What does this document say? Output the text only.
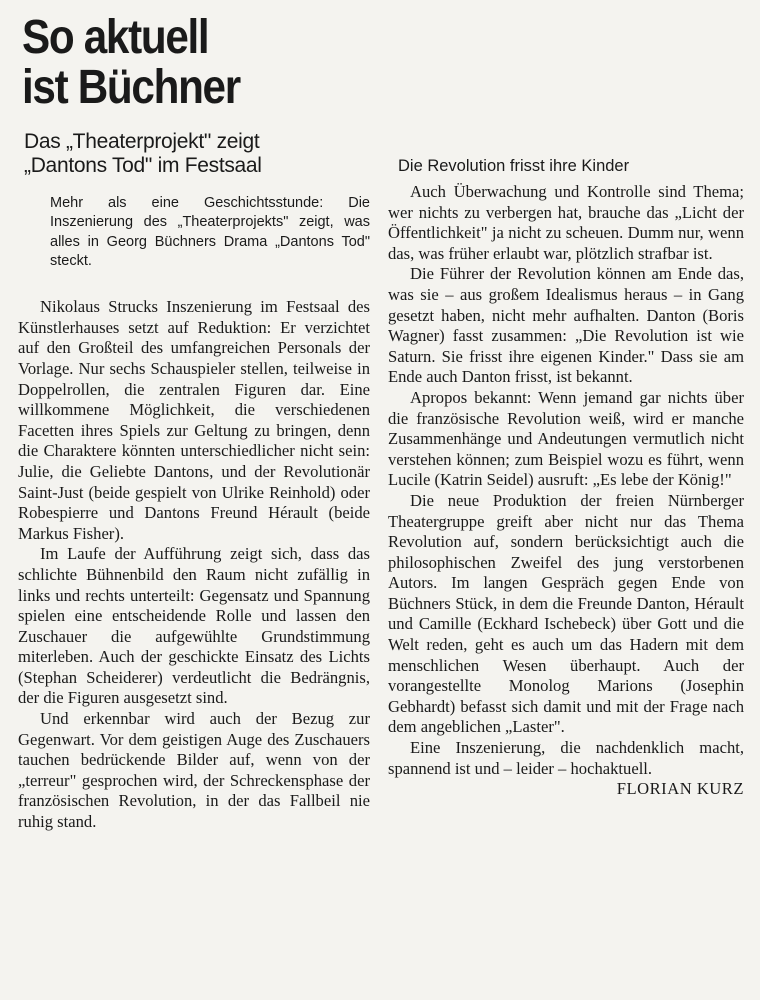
So aktuell
ist Büchner
Das „Theaterprojekt" zeigt
„Dantons Tod" im Festsaal
Mehr als eine Geschichtsstunde: Die Inszenierung des „Theaterprojekts" zeigt, was alles in Georg Büchners Drama „Dantons Tod" steckt.

Nikolaus Strucks Inszenierung im Festsaal des Künstlerhauses setzt auf Reduktion: Er verzichtet auf den Großteil des umfangreichen Personals der Vorlage. Nur sechs Schauspieler stellen, teilweise in Doppelrollen, die zentralen Figuren dar. Eine willkommene Möglichkeit, die verschiedenen Facetten ihres Spiels zur Geltung zu bringen, denn die Charaktere könnten unterschiedlicher nicht sein: Julie, die Geliebte Dantons, und der Revolutionär Saint-Just (beide gespielt von Ulrike Reinhold) oder Robespierre und Dantons Freund Hérault (beide Markus Fisher).

Im Laufe der Aufführung zeigt sich, dass das schlichte Bühnenbild den Raum nicht zufällig in links und rechts unterteilt: Gegensatz und Spannung spielen eine entscheidende Rolle und lassen den Zuschauer die aufgewühlte Grundstimmung miterleben. Auch der geschickte Einsatz des Lichts (Stephan Scheiderer) verdeutlicht die Bedrängnis, der die Figuren ausgesetzt sind.

Und erkennbar wird auch der Bezug zur Gegenwart. Vor dem geistigen Auge des Zuschauers tauchen bedrückende Bilder auf, wenn von der „terreur" gesprochen wird, der Schreckensphase der französischen Revolution, in der das Fallbeil nie ruhig stand.

Die Revolution frisst ihre Kinder

Auch Überwachung und Kontrolle sind Thema; wer nichts zu verbergen hat, brauche das „Licht der Öffentlichkeit" ja nicht zu scheuen. Dumm nur, wenn das, was früher erlaubt war, plötzlich strafbar ist.

Die Führer der Revolution können am Ende das, was sie – aus großem Idealismus heraus – in Gang gesetzt haben, nicht mehr aufhalten. Danton (Boris Wagner) fasst zusammen: „Die Revolution ist wie Saturn. Sie frisst ihre eigenen Kinder." Dass sie am Ende auch Danton frisst, ist bekannt.

Apropos bekannt: Wenn jemand gar nichts über die französische Revolution weiß, wird er manche Zusammenhänge und Andeutungen vermutlich nicht verstehen können; zum Beispiel wozu es führt, wenn Lucile (Katrin Seidel) ausruft: „Es lebe der König!"

Die neue Produktion der freien Nürnberger Theatergruppe greift aber nicht nur das Thema Revolution auf, sondern berücksichtigt auch die philosophischen Zweifel des jung verstorbenen Autors. Im langen Gespräch gegen Ende von Büchners Stück, in dem die Freunde Danton, Hérault und Camille (Eckhard Ischebeck) über Gott und die Welt reden, geht es auch um das Hadern mit dem menschlichen Wesen überhaupt. Auch der vorangestellte Monolog Marions (Josephin Gebhardt) befasst sich damit und mit der Frage nach dem angeblichen „Laster".

Eine Inszenierung, die nachdenklich macht, spannend ist und – leider – hochaktuell.

FLORIAN KURZ
